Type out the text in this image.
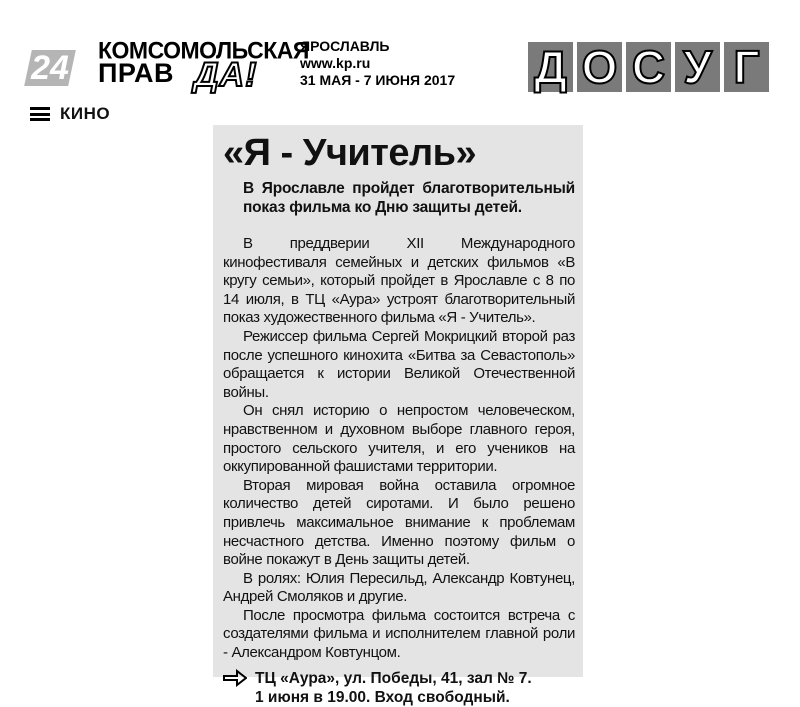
24 КОМСОМОЛЬСКАЯ
ПРАВ ДА!
ЯРОСЛАВЛЬ
www.kp.ru
31 МАЯ - 7 ИЮНЯ 2017 Д О С У Г
КИНО
«Я - Учитель»
В Ярославле пройдет благотворительный показ фильма ко Дню защиты детей.

В преддверии XII Международного кинофестиваля семейных и детских фильмов «В кругу семьи», который пройдет в Ярославле с 8 по 14 июля, в ТЦ «Аура» устроят благотворительный показ художественного фильма «Я - Учитель».

Режиссер фильма Сергей Мокрицкий второй раз после успешного кинохита «Битва за Севастополь» обращается к истории Великой Отечественной войны.

Он снял историю о непростом человеческом, нравственном и духовном выборе главного героя, простого сельского учителя, и его учеников на оккупированной фашистами территории.

Вторая мировая война оставила огромное количество детей сиротами. И было решено привлечь максимальное внимание к проблемам несчастного детства. Именно поэтому фильм о войне покажут в День защиты детей.

В ролях: Юлия Пересильд, Александр Ковтунец, Андрей Смоляков и другие.

После просмотра фильма состоится встреча с создателями фильма и исполнителем главной роли - Александром Ковтунцом.

ТЦ «Аура», ул. Победы, 41, зал № 7.
1 июня в 19.00. Вход свободный.
